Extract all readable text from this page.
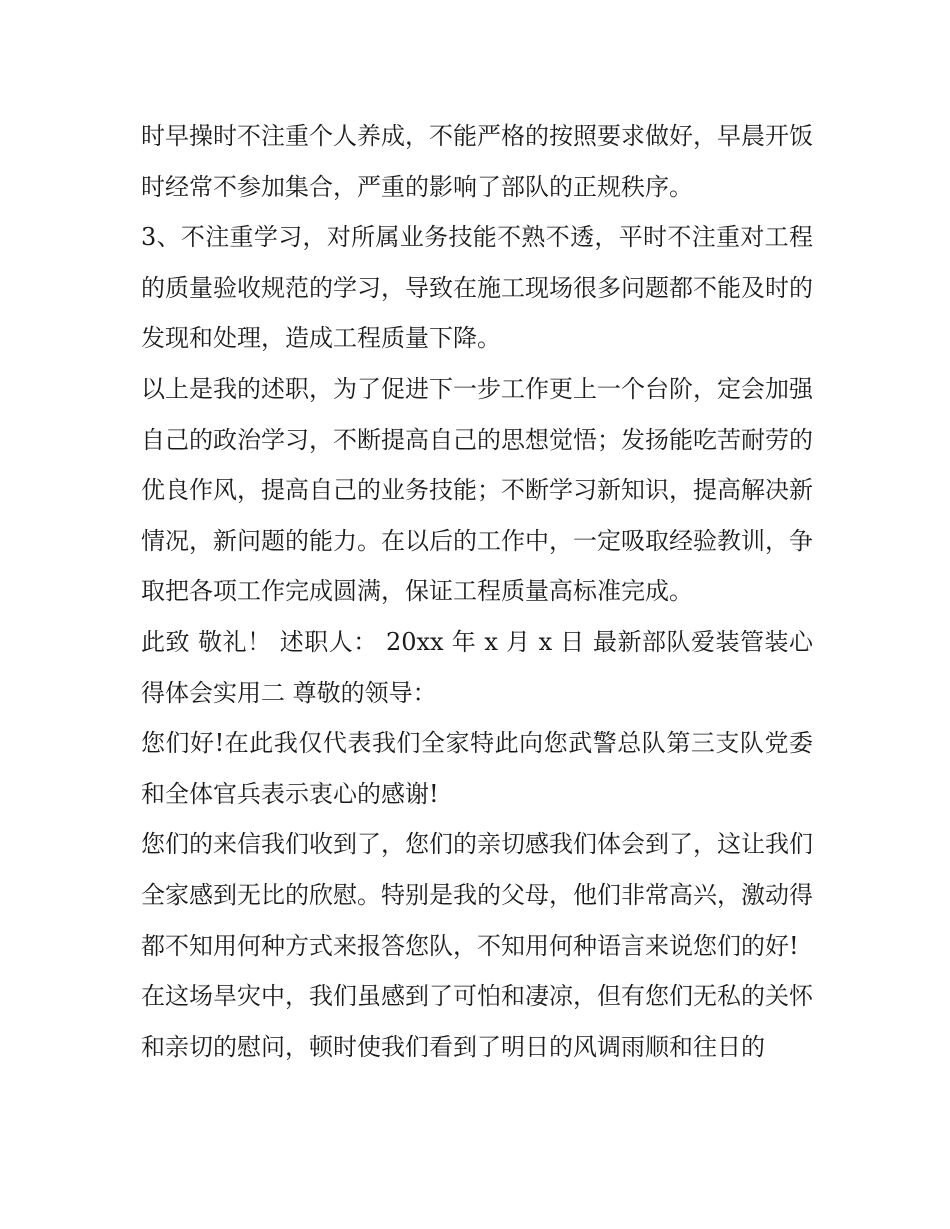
时早操时不注重个人养成，不能严格的按照要求做好，早晨开饭时经常不参加集合，严重的影响了部队的正规秩序。

3、不注重学习，对所属业务技能不熟不透，平时不注重对工程的质量验收规范的学习，导致在施工现场很多问题都不能及时的发现和处理，造成工程质量下降。

以上是我的述职，为了促进下一步工作更上一个台阶，定会加强自己的政治学习，不断提高自己的思想觉悟；发扬能吃苦耐劳的优良作风，提高自己的业务技能；不断学习新知识，提高解决新情况，新问题的能力。在以后的工作中，一定吸取经验教训，争取把各项工作完成圆满，保证工程质量高标准完成。

此致 敬礼！ 述职人： 20xx 年 x 月 x 日 最新部队爱装管装心得体会实用二 尊敬的领导：

您们好!在此我仅代表我们全家特此向您武警总队第三支队党委和全体官兵表示衷心的感谢!

您们的来信我们收到了，您们的亲切感我们体会到了，这让我们全家感到无比的欣慰。特别是我的父母，他们非常高兴，激动得都不知用何种方式来报答您队，不知用何种语言来说您们的好!

在这场旱灾中，我们虽感到了可怕和凄凉，但有您们无私的关怀和亲切的慰问，顿时使我们看到了明日的风调雨顺和往日的
